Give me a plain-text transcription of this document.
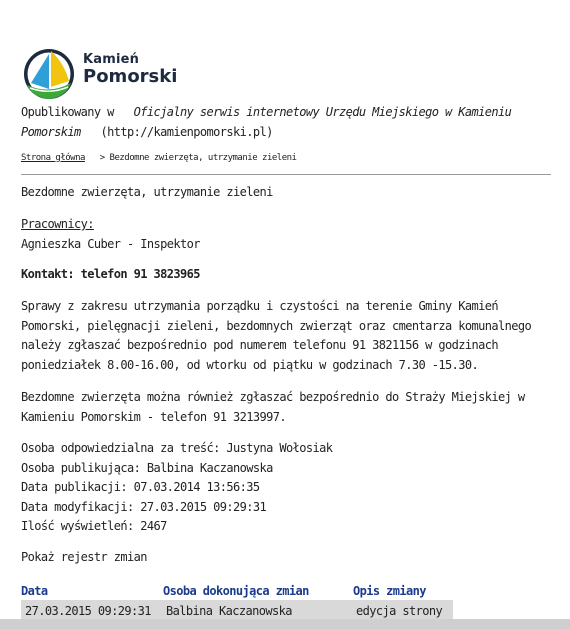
Kamień
Pomorski
Opublikowany w Oficjalny serwis internetowy Urzędu Miejskiego w Kamieniu
Pomorskim (http://kamienpomorski.pl)
Strona główna > Bezdomne zwierzęta, utrzymanie zieleni
Bezdomne zwierzęta, utrzymanie zieleni
Pracownicy:
Agnieszka Cuber - Inspektor
Kontakt: telefon 91 3823965
Sprawy z zakresu utrzymania porządku i czystości na terenie Gminy Kamień
Pomorski, pielęgnacji zieleni, bezdomnych zwierząt oraz cmentarza komunalnego
należy zgłaszać bezpośrednio pod numerem telefonu 91 3821156 w godzinach
poniedziałek 8.00-16.00, od wtorku od piątku w godzinach 7.30 -15.30.
Bezdomne zwierzęta można również zgłaszać bezpośrednio do Straży Miejskiej w
Kamieniu Pomorskim - telefon 91 3213997.
Osoba odpowiedzialna za treść: Justyna Wołosiak
Osoba publikująca: Balbina Kaczanowska
Data publikacji: 07.03.2014 13:56:35
Data modyfikacji: 27.03.2015 09:29:31
Ilość wyświetleń: 2467
Pokaż rejestr zmian
Data	Osoba dokonująca zmian	Opis zmiany
27.03.2015 09:29:31 Balbina Kaczanowska	edycja strony
